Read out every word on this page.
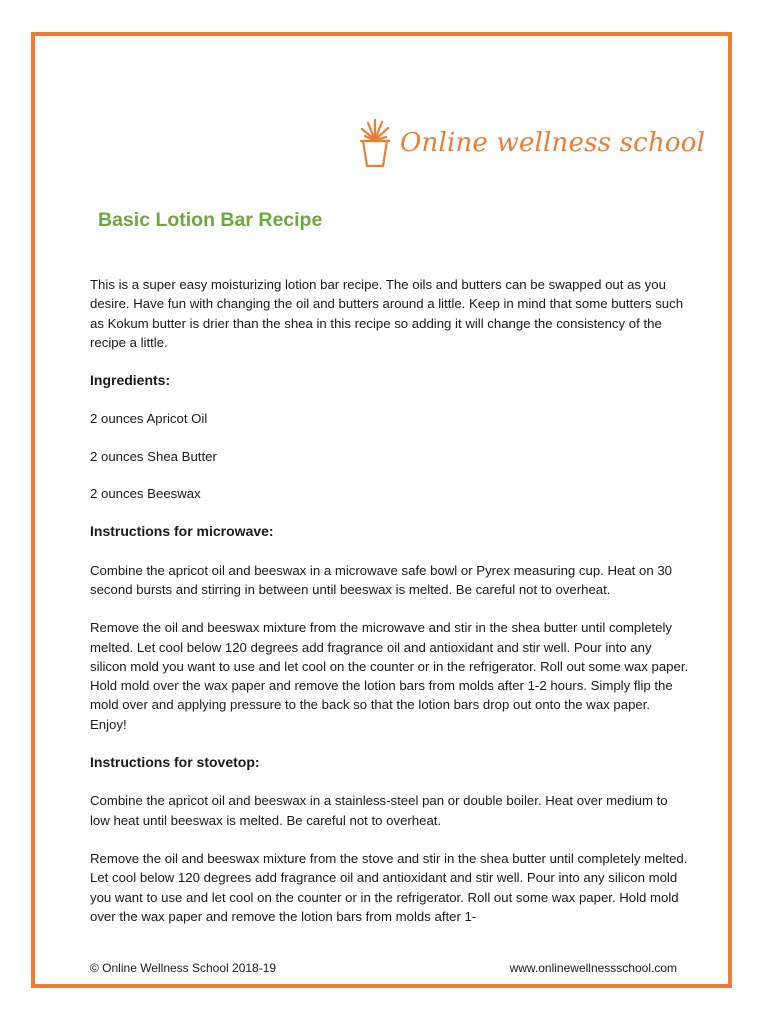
Online wellness school
Basic Lotion Bar Recipe

This is a super easy moisturizing lotion bar recipe. The oils and butters can be swapped out as you desire. Have fun with changing the oil and butters around a little. Keep in mind that some butters such as Kokum butter is drier than the shea in this recipe so adding it will change the consistency of the recipe a little.

Ingredients:

2 ounces Apricot Oil

2 ounces Shea Butter

2 ounces Beeswax

Instructions for microwave:

Combine the apricot oil and beeswax in a microwave safe bowl or Pyrex measuring cup. Heat on 30 second bursts and stirring in between until beeswax is melted. Be careful not to overheat.

Remove the oil and beeswax mixture from the microwave and stir in the shea butter until completely melted. Let cool below 120 degrees add fragrance oil and antioxidant and stir well. Pour into any silicon mold you want to use and let cool on the counter or in the refrigerator. Roll out some wax paper. Hold mold over the wax paper and remove the lotion bars from molds after 1-2 hours. Simply flip the mold over and applying pressure to the back so that the lotion bars drop out onto the wax paper. Enjoy!

Instructions for stovetop:

Combine the apricot oil and beeswax in a stainless-steel pan or double boiler. Heat over medium to low heat until beeswax is melted. Be careful not to overheat.

Remove the oil and beeswax mixture from the stove and stir in the shea butter until completely melted. Let cool below 120 degrees add fragrance oil and antioxidant and stir well. Pour into any silicon mold you want to use and let cool on the counter or in the refrigerator. Roll out some wax paper. Hold mold over the wax paper and remove the lotion bars from molds after 1-

© Online Wellness School 2018-19	www.onlinewellnessschool.com
